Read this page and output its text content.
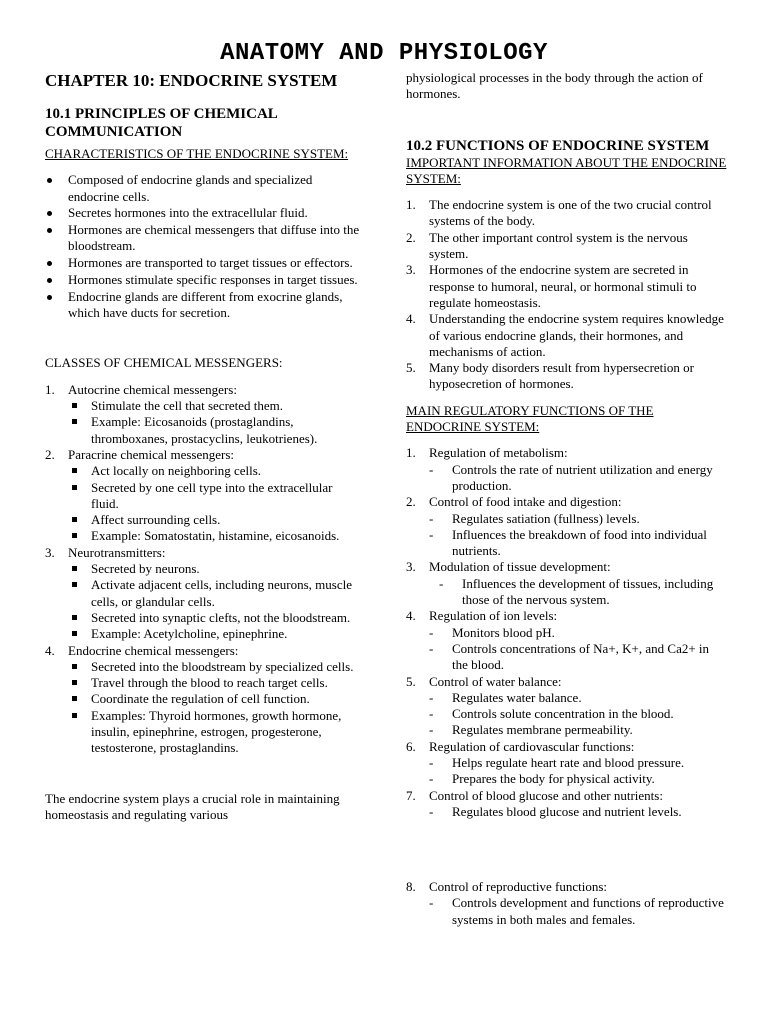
ANATOMY AND PHYSIOLOGY
CHAPTER 10: ENDOCRINE SYSTEM
10.1 PRINCIPLES OF CHEMICAL COMMUNICATION

CHARACTERISTICS OF THE ENDOCRINE SYSTEM:

Composed of endocrine glands and specialized endocrine cells.
Secretes hormones into the extracellular fluid.
Hormones are chemical messengers that diffuse into the bloodstream.
Hormones are transported to target tissues or effectors.
Hormones stimulate specific responses in target tissues.
Endocrine glands are different from exocrine glands, which have ducts for secretion.

CLASSES OF CHEMICAL MESSENGERS:

1. Autocrine chemical messengers:
Stimulate the cell that secreted them.
Example: Eicosanoids (prostaglandins, thromboxanes, prostacyclins, leukotrienes).
2. Paracrine chemical messengers:
Act locally on neighboring cells.
Secreted by one cell type into the extracellular fluid.
Affect surrounding cells.
Example: Somatostatin, histamine, eicosanoids.
3. Neurotransmitters:
Secreted by neurons.
Activate adjacent cells, including neurons, muscle cells, or glandular cells.
Secreted into synaptic clefts, not the bloodstream.
Example: Acetylcholine, epinephrine.
4. Endocrine chemical messengers:
Secreted into the bloodstream by specialized cells.
Travel through the blood to reach target cells.
Coordinate the regulation of cell function.
Examples: Thyroid hormones, growth hormone, insulin, epinephrine, estrogen, progesterone, testosterone, prostaglandins.

The endocrine system plays a crucial role in maintaining homeostasis and regulating various

physiological processes in the body through the action of hormones.

10.2 FUNCTIONS OF ENDOCRINE SYSTEM

IMPORTANT INFORMATION ABOUT THE ENDOCRINE SYSTEM:

1. The endocrine system is one of the two crucial control systems of the body.
2. The other important control system is the nervous system.
3. Hormones of the endocrine system are secreted in response to humoral, neural, or hormonal stimuli to regulate homeostasis.
4. Understanding the endocrine system requires knowledge of various endocrine glands, their hormones, and mechanisms of action.
5. Many body disorders result from hypersecretion or hyposecretion of hormones.

MAIN REGULATORY FUNCTIONS OF THE ENDOCRINE SYSTEM:

1. Regulation of metabolism:
- Controls the rate of nutrient utilization and energy production.
2. Control of food intake and digestion:
- Regulates satiation (fullness) levels.
- Influences the breakdown of food into individual nutrients.
3. Modulation of tissue development:
- Influences the development of tissues, including those of the nervous system.
4. Regulation of ion levels:
- Monitors blood pH.
- Controls concentrations of Na+, K+, and Ca2+ in the blood.
5. Control of water balance:
- Regulates water balance.
- Controls solute concentration in the blood.
- Regulates membrane permeability.
6. Regulation of cardiovascular functions:
- Helps regulate heart rate and blood pressure.
- Prepares the body for physical activity.
7. Control of blood glucose and other nutrients:
- Regulates blood glucose and nutrient levels.
8. Control of reproductive functions:
- Controls development and functions of reproductive systems in both males and females.
